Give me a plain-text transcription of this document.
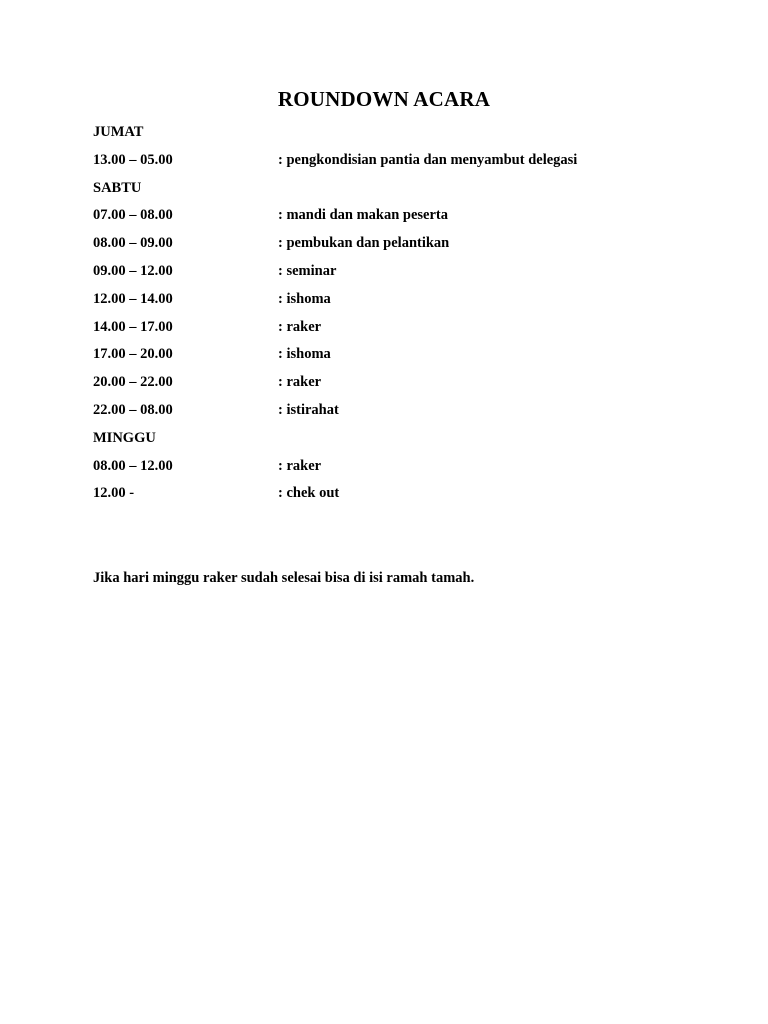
ROUNDOWN ACARA
JUMAT
13.00 – 05.00	: pengkondisian pantia dan menyambut delegasi
SABTU
07.00 – 08.00	: mandi dan makan peserta
08.00 – 09.00	: pembukan dan pelantikan
09.00 – 12.00	: seminar
12.00 – 14.00	: ishoma
14.00 – 17.00	: raker
17.00 – 20.00	: ishoma
20.00 – 22.00	: raker
22.00 – 08.00	: istirahat
MINGGU
08.00 – 12.00	: raker
12.00 -	: chek out
Jika hari minggu raker sudah selesai bisa di isi ramah tamah.
